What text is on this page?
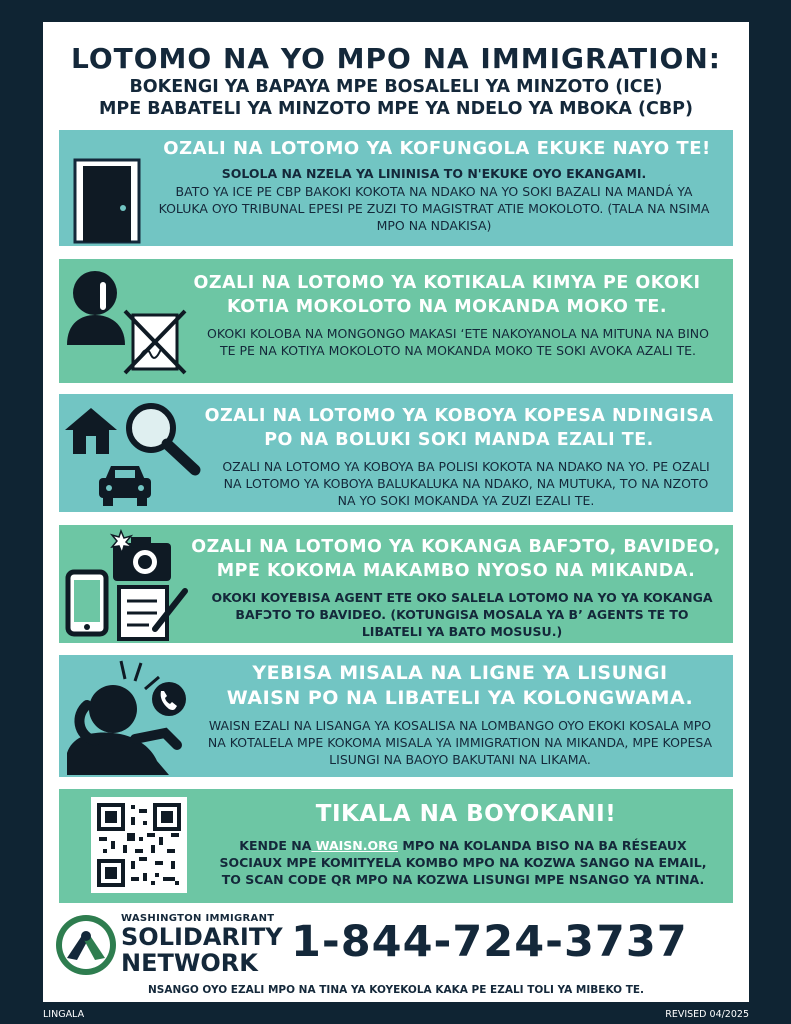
LOTOMO NA YO MPO NA IMMIGRATION:
BOKENGI YA BAPAYA MPE BOSALELI YA MINZOTO (ICE)
MPE BABATELI YA MINZOTO MPE YA NDELO YA MBOKA (CBP)
OZALI NA LOTOMO YA KOFUNGOLA EKUKE NAYO TE!
SOLOLA NA NZELA YA LININISA TO N'EKUKE OYO EKANGAMI.
BATO YA ICE PE CBP BAKOKI KOKOTA NA NDAKO NA YO SOKI BAZALI NA MANDÁ YA KOLUKA OYO TRIBUNAL EPESI PE ZUZI TO MAGISTRAT ATIE MOKOLOTO. (TALA NA NSIMA MPO NA NDAKISA)
OZALI NA LOTOMO YA KOTIKALA KIMYA PE OKOKI
KOTIA MOKOLOTO NA MOKANDA MOKO TE.
OKOKI KOLOBA NA MONGONGO MAKASI ‘ETE NAKOYANOLA NA MITUNA NA BINO TE PE NA KOTIYA MOKOLOTO NA MOKANDA MOKO TE SOKI AVOKA AZALI TE.
OZALI NA LOTOMO YA KOBOYA KOPESA NDINGISA
PO NA BOLUKI SOKI MANDA EZALI TE.
OZALI NA LOTOMO YA KOBOYA BA POLISI KOKOTA NA NDAKO NA YO. PE OZALI NA LOTOMO YA KOBOYA BALUKALUKA NA NDAKO, NA MUTUKA, TO NA NZOTO NA YO SOKI MOKANDA YA ZUZI EZALI TE.
OZALI NA LOTOMO YA KOKANGA BAFƆTO, BAVIDEO,
MPE KOKOMA MAKAMBO NYOSO NA MIKANDA.
OKOKI KOYEBISA AGENT ETE OKO SALELA LOTOMO NA YO YA KOKANGA BAFƆTO TO BAVIDEO. (KOTUNGISA MOSALA YA B’ AGENTS TE TO LIBATELI YA BATO MOSUSU.)
YEBISA MISALA NA LIGNE YA LISUNGI
WAISN PO NA LIBATELI YA KOLONGWAMA.
WAISN EZALI NA LISANGA YA KOSALISA NA LOMBANGO OYO EKOKI KOSALA MPO NA KOTALELA MPE KOKOMA MISALA YA IMMIGRATION NA MIKANDA, MPE KOPESA LISUNGI NA BAOYO BAKUTANI NA LIKAMA.
TIKALA NA BOYOKANI!
KENDE NA WAISN.ORG MPO NA KOLANDA BISO NA BA RÉSEAUX SOCIAUX MPE KOMITYELA KOMBO MPO NA KOZWA SANGO NA EMAIL, TO SCAN CODE QR MPO NA KOZWA LISUNGI MPE NSANGO YA NTINA.
WASHINGTON IMMIGRANT
SOLIDARITY
NETWORK 1-844-724-3737
NSANGO OYO EZALI MPO NA TINA YA KOYEKOLA KAKA PE EZALI TOLI YA MIBEKO TE.
LINGALA	REVISED 04/2025
